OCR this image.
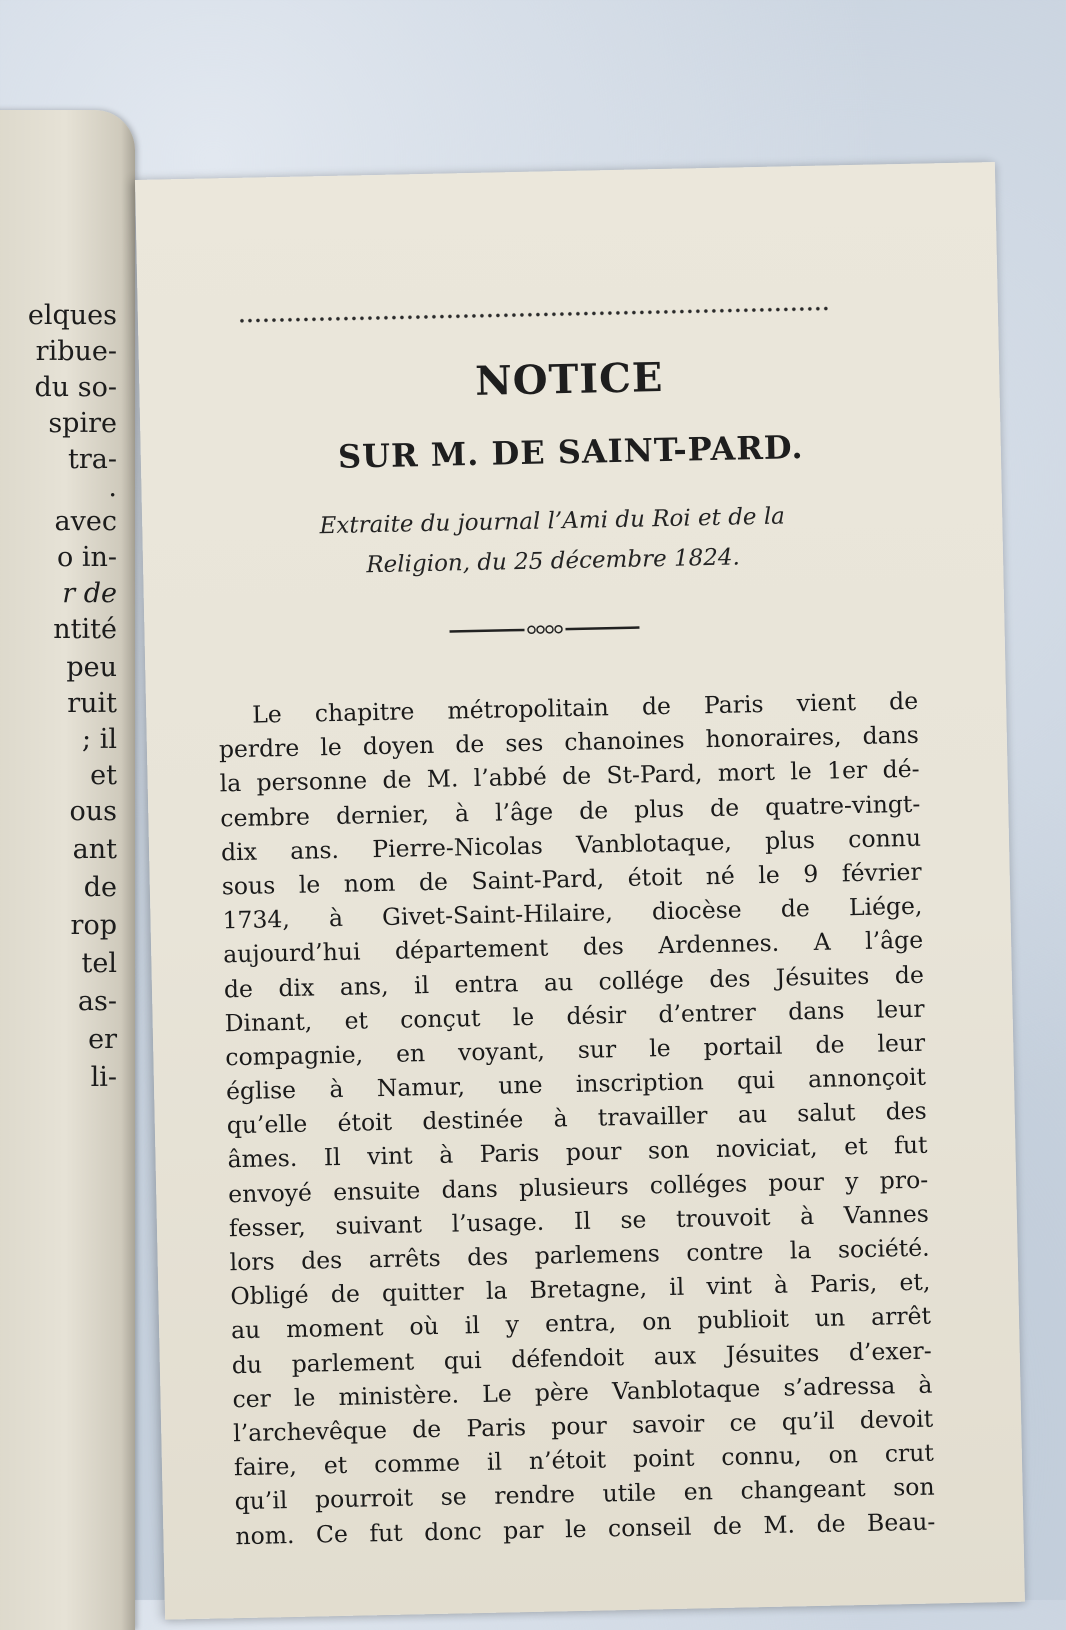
elques
ribue-
du so-
spire
tra-
.
avec
o in-
r de
ntité
peu
ruit
; il
et
ous
ant
de
rop
tel
as-
er
li-
NOTICE
SUR M. DE SAINT-PARD.
Extraite du journal l’Ami du Roi et de la
Religion, du 25 décembre 1824.
Le chapitre métropolitain de Paris vient de
perdre le doyen de ses chanoines honoraires, dans
la personne de M. l’abbé de St-Pard, mort le 1er dé-
cembre dernier, à l’âge de plus de quatre-vingt-
dix ans. Pierre-Nicolas Vanblotaque, plus connu
sous le nom de Saint-Pard, étoit né le 9 février
1734, à Givet-Saint-Hilaire, diocèse de Liége,
aujourd’hui département des Ardennes. A l’âge
de dix ans, il entra au collége des Jésuites de
Dinant, et conçut le désir d’entrer dans leur
compagnie, en voyant, sur le portail de leur
église à Namur, une inscription qui annonçoit
qu’elle étoit destinée à travailler au salut des
âmes. Il vint à Paris pour son noviciat, et fut
envoyé ensuite dans plusieurs colléges pour y pro-
fesser, suivant l’usage. Il se trouvoit à Vannes
lors des arrêts des parlemens contre la société.
Obligé de quitter la Bretagne, il vint à Paris, et,
au moment où il y entra, on publioit un arrêt
du parlement qui défendoit aux Jésuites d’exer-
cer le ministère. Le père Vanblotaque s’adressa à
l’archevêque de Paris pour savoir ce qu’il devoit
faire, et comme il n’étoit point connu, on crut
qu’il pourroit se rendre utile en changeant son
nom. Ce fut donc par le conseil de M. de Beau-
